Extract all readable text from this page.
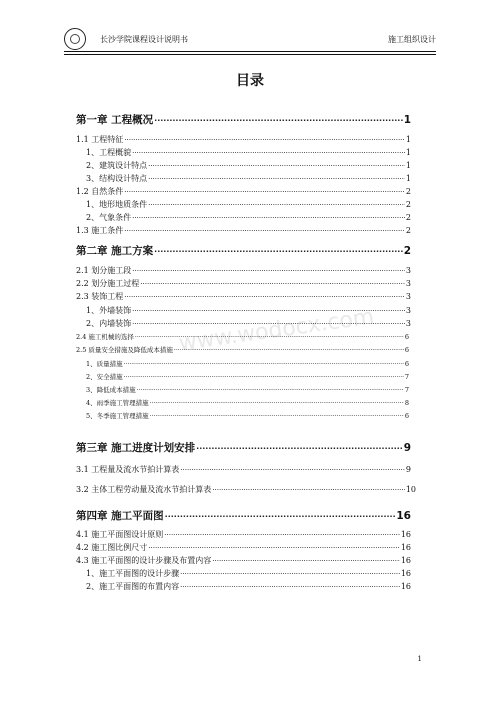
长沙学院课程设计说明书	施工组织设计
目录
www.wodocx.com
第一章 工程概况 ·····	1
1.1 工程特征 ·····	1
1、工程概貌 ·····	1
2、建筑设计特点 ·····	1
3、结构设计特点 ·····	1
1.2 自然条件 ·····	2
1、地形地质条件 ·····	2
2、气象条件 ·····	2
1.3 施工条件 ·····	2
第二章 施工方案 ·····	2
2.1 划分施工段 ·····	3
2.2 划分施工过程 ·····	3
2.3 装饰工程 ·····	3
1、外墙装饰 ·····	3
2、内墙装饰 ·····	3
2.4 施工机械的选择 ·····	6
2.5 质量安全措施及降低成本措施 ·····	6
1、质量措施 ·····	6
2、安全措施 ·····	7
3、降低成本措施 ·····	7
4、雨季施工管理措施 ·····	8
5、冬季施工管理措施 ·····	6
第三章 施工进度计划安排 ·····	9
3.1 工程量及流水节拍计算表 ·····	9
3.2 主体工程劳动量及流水节拍计算表 ·····	10
第四章 施工平面图 ·····	16
4.1 施工平面图设计原则 ·····	16
4.2 施工图比例尺寸 ·····	16
4.3 施工平面图的设计步骤及布置内容 ·····	16
1、施工平面图的设计步骤 ·····	16
2、施工平面图的布置内容 ·····	16
1
